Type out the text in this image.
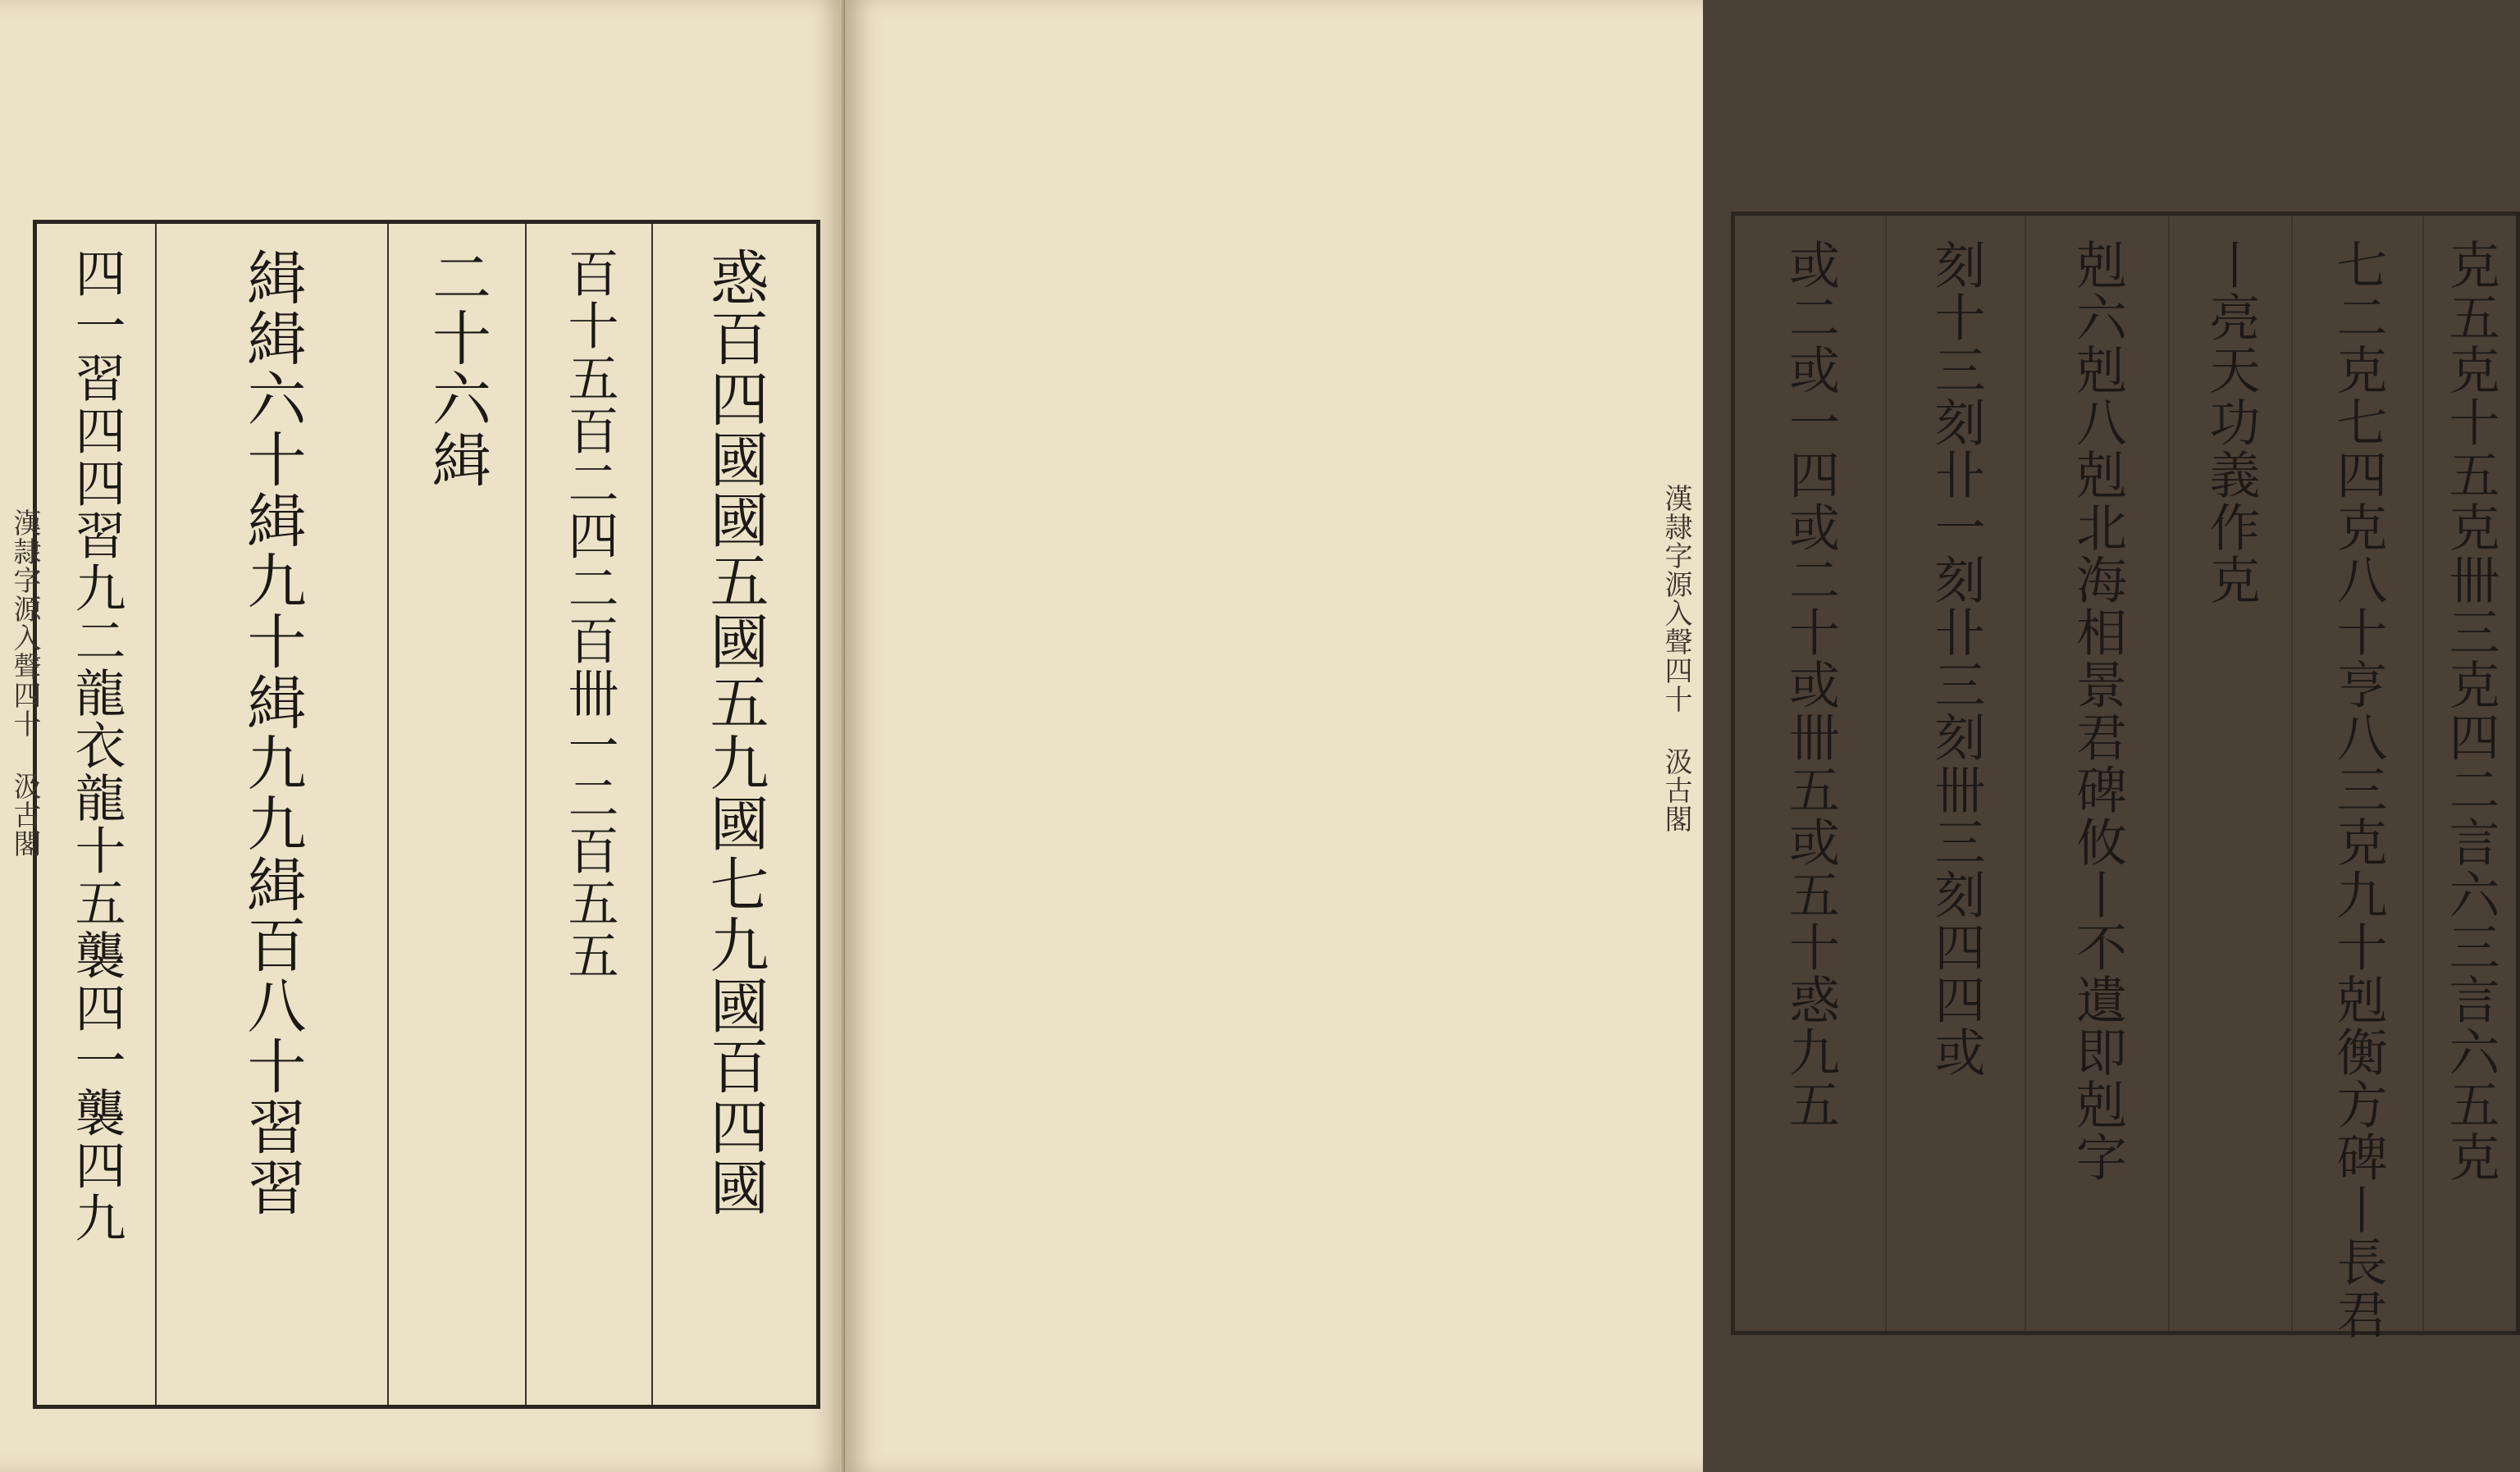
四一習四四習九二龍衣龍十五襲四一襲四九 緝緝六十緝九十緝九九緝百八十習習 二十六緝 百十五百二四二百卌一二百五五 惑百四國國五國五九國七九國百四國
漢隷字源入聲四十 汲古閣	或二或一四或二十或卌五或五十惑九五 刻十三刻卝一刻卝三刻卌三刻四四或 剋六剋八剋北海相景君碑攸丨不遺即剋字 丨亮天功義作克 七二克七四克八十亨八三克九十剋衡方碑丨長君 克五克十五克卌三克四二言六三言六五克
漢隷字源入聲四十 汲古閣
